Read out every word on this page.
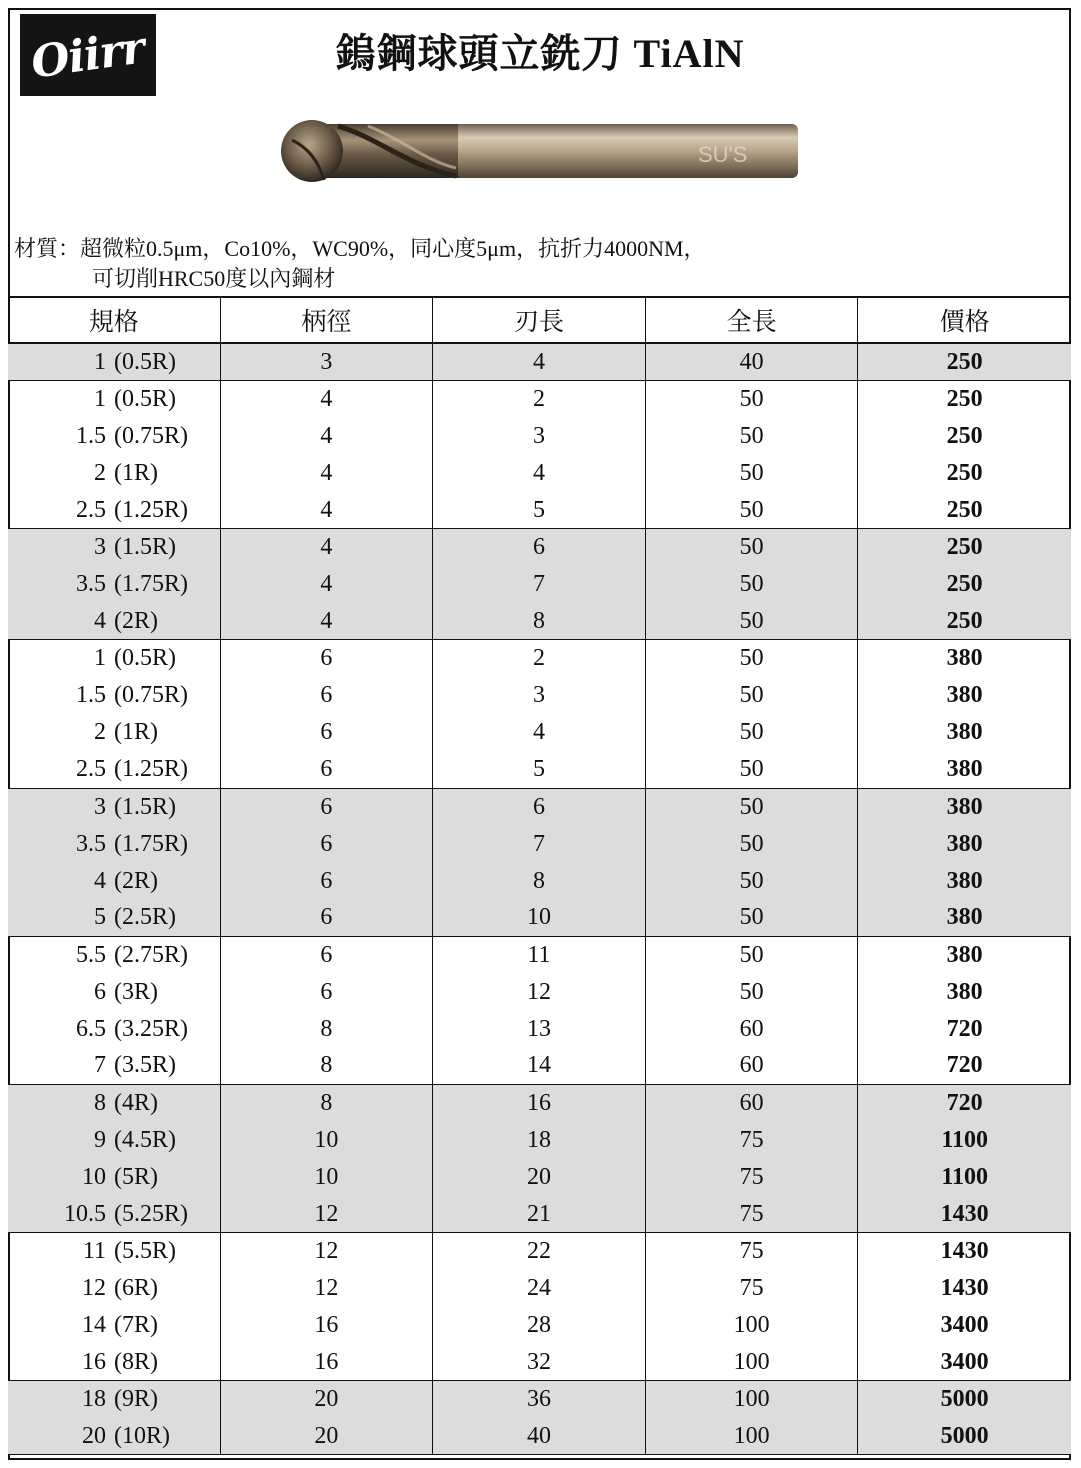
Oiirr	鎢鋼球頭立銑刀 TiAlN
SU'S
材質：超微粒0.5μm，Co10%，WC90%，同心度5μm，抗折力4000NM，
可切削HRC50度以內鋼材
規格	柄徑	刃長	全長	價格
1 (0.5R)	3	4	40	250
1 (0.5R)	4	2	50	250
1.5 (0.75R)	4	3	50	250
2 (1R)	4	4	50	250
2.5 (1.25R)	4	5	50	250
3 (1.5R)	4	6	50	250
3.5 (1.75R)	4	7	50	250
4 (2R)	4	8	50	250
1 (0.5R)	6	2	50	380
1.5 (0.75R)	6	3	50	380
2 (1R)	6	4	50	380
2.5 (1.25R)	6	5	50	380
3 (1.5R)	6	6	50	380
3.5 (1.75R)	6	7	50	380
4 (2R)	6	8	50	380
5 (2.5R)	6	10	50	380
5.5 (2.75R)	6	11	50	380
6 (3R)	6	12	50	380
6.5 (3.25R)	8	13	60	720
7 (3.5R)	8	14	60	720
8 (4R)	8	16	60	720
9 (4.5R)	10	18	75	1100
10 (5R)	10	20	75	1100
10.5 (5.25R)	12	21	75	1430
11 (5.5R)	12	22	75	1430
12 (6R)	12	24	75	1430
14 (7R)	16	28	100	3400
16 (8R)	16	32	100	3400
18 (9R)	20	36	100	5000
20 (10R)	20	40	100	5000
